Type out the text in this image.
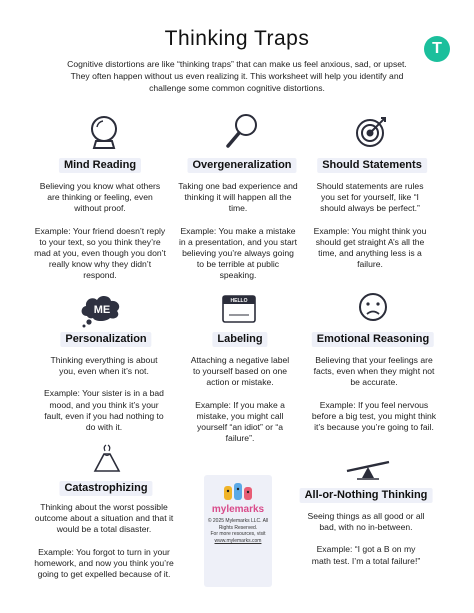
Thinking Traps	T
Cognitive distortions are like “thinking traps” that can make us feel anxious, sad, or upset. They often happen without us even realizing it. This worksheet will help you identify and challenge some common cognitive distortions.
ME
HELLO
Mind Reading	Overgeneralization	Should Statements
Personalization	Labeling	Emotional Reasoning
Catastrophizing
All-or-Nothing Thinking
Believing you know what others are thinking or feeling, even without proof.
Example: Your friend doesn’t reply to your text, so you think they’re mad at you, even though you don’t really know why they didn’t respond.
Taking one bad experience and thinking it will happen all the time.
Example: You make a mistake in a presentation, and you start believing you’re always going to be terrible at public speaking.
Should statements are rules you set for yourself, like “I should always be perfect.”
Example: You might think you should get straight A’s all the time, and anything less is a failure.
Thinking everything is about you, even when it’s not.
Example: Your sister is in a bad mood, and you think it’s your fault, even if you had nothing to do with it.
Attaching a negative label to yourself based on one action or mistake.
Example: If you make a mistake, you might call yourself “an idiot” or “a failure”.
Believing that your feelings are facts, even when they might not be accurate.
Example: If you feel nervous before a big test, you might think it’s because you’re going to fail.
Thinking about the worst possible outcome about a situation and that it would be a total disaster.
Example: You forgot to turn in your homework, and now you think you’re going to get expelled because of it.
Seeing things as all good or all bad, with no in-between.
Example: “I got a B on my math test. I’m a total failure!”
mylemarks
© 2025 Mylemarks LLC. All Rights Reserved.
For more resources, visit
www.mylemarks.com
